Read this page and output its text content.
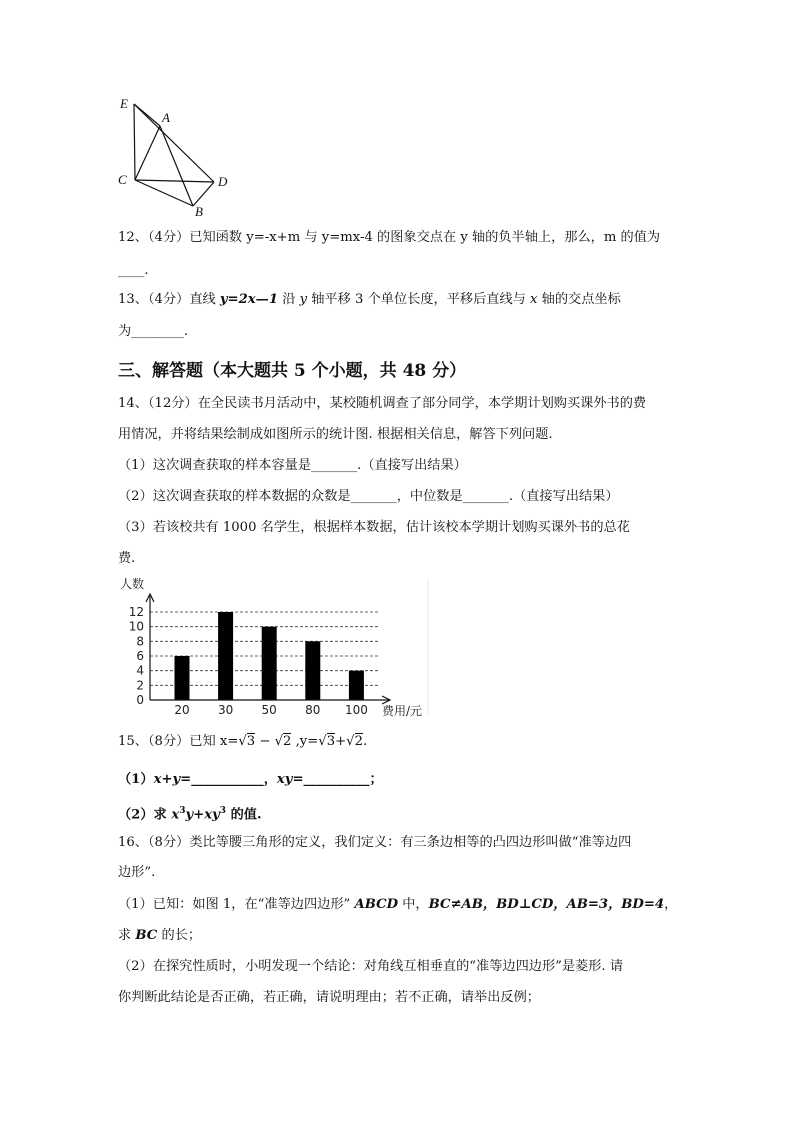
E
A
C	D
B
12、（4分）已知函数 y=-x+m 与 y=mx-4 的图象交点在 y 轴的负半轴上，那么，m 的值为
____.
13、（4分）直线 y=2x—1 沿 y 轴平移 3 个单位长度，平移后直线与 x 轴的交点坐标
为________.
三、解答题（本大题共 5 个小题，共 48 分）
14、（12分）在全民读书月活动中，某校随机调查了部分同学，本学期计划购买课外书的费
用情况，并将结果绘制成如图所示的统计图. 根据相关信息，解答下列问题.
（1）这次调查获取的样本容量是_______.（直接写出结果）
（2）这次调查获取的样本数据的众数是_______，中位数是_______.（直接写出结果）
（3）若该校共有 1000 名学生，根据样本数据，估计该校本学期计划购买课外书的总花
费.
0
2
4
6
8
10
12
20 30 50 80 100
人数
费用/元
15、（8分）已知 x=√3 − √2 ,y=√3+√2.
（1）x+y=___________，xy=__________；
（2）求 $x^3y+xy^3$ 的值.
16、（8分）类比等腰三角形的定义，我们定义：有三条边相等的凸四边形叫做“准等边四
边形”.
（1）已知：如图 1，在“准等边四边形” ABCD 中，BC≠AB，BD⊥CD，AB=3，BD=4，
求 BC 的长；
（2）在探究性质时，小明发现一个结论：对角线互相垂直的“准等边四边形”是菱形. 请
你判断此结论是否正确，若正确，请说明理由；若不正确，请举出反例；
